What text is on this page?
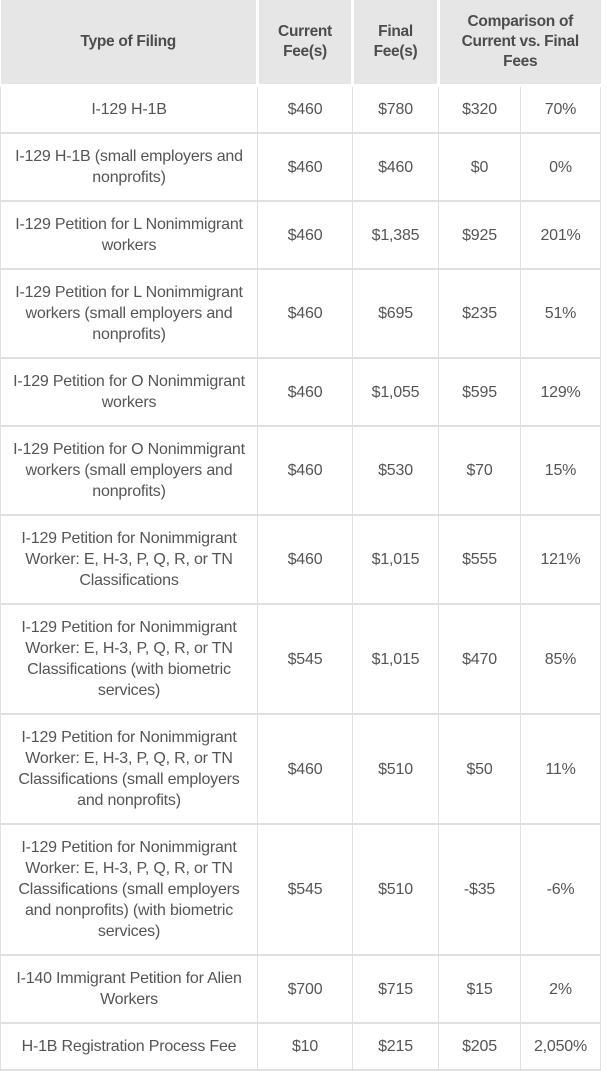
Type of Filing	Current Fee(s)	Final Fee(s)	Comparison of Current vs. Final Fees	
I-129 H-1B	$460	$780	$320	70%
I-129 H-1B (small employers and nonprofits)	$460	$460	$0	0%
I-129 Petition for L Nonimmigrant workers	$460	$1,385	$925	201%
I-129 Petition for L Nonimmigrant workers (small employers and nonprofits)	$460	$695	$235	51%
I-129 Petition for O Nonimmigrant workers	$460	$1,055	$595	129%
I-129 Petition for O Nonimmigrant workers (small employers and nonprofits)	$460	$530	$70	15%
I-129 Petition for Nonimmigrant Worker: E, H-3, P, Q, R, or TN Classifications	$460	$1,015	$555	121%
I-129 Petition for Nonimmigrant Worker: E, H-3, P, Q, R, or TN Classifications (with biometric services)	$545	$1,015	$470	85%
I-129 Petition for Nonimmigrant Worker: E, H-3, P, Q, R, or TN Classifications (small employers and nonprofits)	$460	$510	$50	11%
I-129 Petition for Nonimmigrant Worker: E, H-3, P, Q, R, or TN Classifications (small employers and nonprofits) (with biometric services)	$545	$510	-$35	-6%
I-140 Immigrant Petition for Alien Workers	$700	$715	$15	2%
H-1B Registration Process Fee	$10	$215	$205	2,050%
